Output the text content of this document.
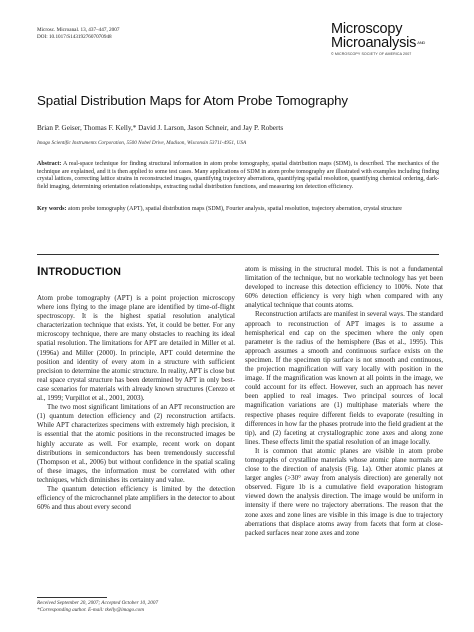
Microsc. Microanal. 13, 437–447, 2007
DOI: 10.1017/S1431927607070948	Microscopy
Microanalysis$^{AND}$
© MICROSCOPY SOCIETY OF AMERICA 2007
Spatial Distribution Maps for Atom Probe Tomography
Brian P. Geiser, Thomas F. Kelly,* David J. Larson, Jason Schneir, and Jay P. Roberts
Imago Scientific Instruments Corporation, 5500 Nobel Drive, Madison, Wisconsin 53711-4951, USA
Abstract: A real-space technique for finding structural information in atom probe tomography, spatial distribution maps (SDM), is described. The mechanics of the technique are explained, and it is then applied to some test cases. Many applications of SDM in atom probe tomography are illustrated with examples including finding crystal lattices, correcting lattice strains in reconstructed images, quantifying trajectory aberrations, quantifying spatial resolution, quantifying chemical ordering, dark-field imaging, determining orientation relationships, extracting radial distribution functions, and measuring ion detection efficiency.
Key words: atom probe tomography (APT), spatial distribution maps (SDM), Fourier analysis, spatial resolution, trajectory aberration, crystal structure
INTRODUCTION

Atom probe tomography (APT) is a point projection microscopy where ions flying to the image plane are identified by time-of-flight spectroscopy. It is the highest spatial resolution analytical characterization technique that exists. Yet, it could be better. For any microscopy technique, there are many obstacles to reaching its ideal spatial resolution. The limitations for APT are detailed in Miller et al. (1996a) and Miller (2000). In principle, APT could determine the position and identity of every atom in a structure with sufficient precision to determine the atomic structure. In reality, APT is close but real space crystal structure has been determined by APT in only best-case scenarios for materials with already known structures (Cerezo et al., 1999; Vurpillot et al., 2001, 2003).

The two most significant limitations of an APT reconstruction are (1) quantum detection efficiency and (2) reconstruction artifacts. While APT characterizes specimens with extremely high precision, it is essential that the atomic positions in the reconstructed images be highly accurate as well. For example, recent work on dopant distributions in semiconductors has been tremendously successful (Thompson et al., 2006) but without confidence in the spatial scaling of these images, the information must be correlated with other techniques, which diminishes its certainty and value.

The quantum detection efficiency is limited by the detection efficiency of the microchannel plate amplifiers in the detector to about 60% and thus about every second

atom is missing in the structural model. This is not a fundamental limitation of the technique, but no workable technology has yet been developed to increase this detection efficiency to 100%. Note that 60% detection efficiency is very high when compared with any analytical technique that counts atoms.

Reconstruction artifacts are manifest in several ways. The standard approach to reconstruction of APT images is to assume a hemispherical end cap on the specimen where the only open parameter is the radius of the hemisphere (Bas et al., 1995). This approach assumes a smooth and continuous surface exists on the specimen. If the specimen tip surface is not smooth and continuous, the projection magnification will vary locally with position in the image. If the magnification was known at all points in the image, we could account for its effect. However, such an approach has never been applied to real images. Two principal sources of local magnification variations are (1) multiphase materials where the respective phases require different fields to evaporate (resulting in differences in how far the phases protrude into the field gradient at the tip), and (2) faceting at crystallographic zone axes and along zone lines. These effects limit the spatial resolution of an image locally.

It is common that atomic planes are visible in atom probe tomographs of crystalline materials whose atomic plane normals are close to the direction of analysis (Fig. 1a). Other atomic planes at larger angles (>30° away from analysis direction) are generally not observed. Figure 1b is a cumulative field evaporation histogram viewed down the analysis direction. The image would be uniform in intensity if there were no trajectory aberrations. The reason that the zone axes and zone lines are visible in this image is due to trajectory aberrations that displace atoms away from facets that form at close-packed surfaces near zone axes and zone

Received September 20, 2007; Accepted October 10, 2007
*Corresponding author. E-mail: tkelly@imago.com
